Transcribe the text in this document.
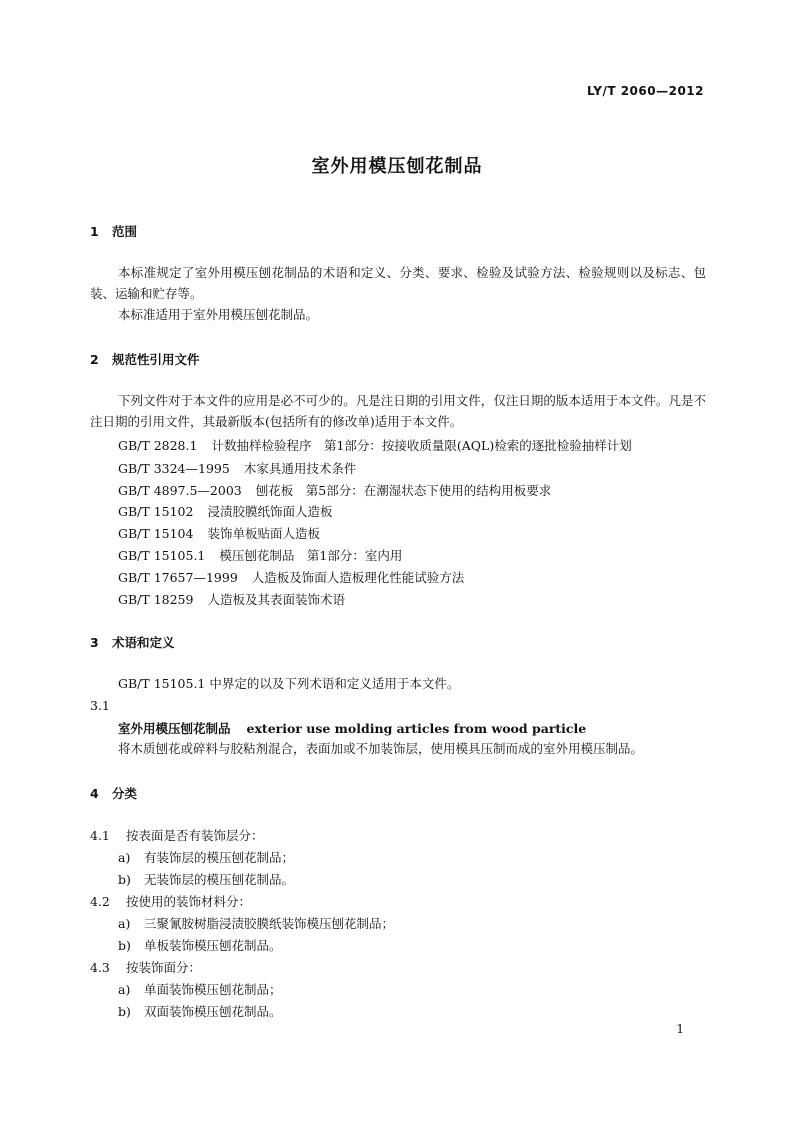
LY/T 2060—2012
室外用模压刨花制品
1 范围
本标准规定了室外用模压刨花制品的术语和定义、分类、要求、检验及试验方法、检验规则以及标志、包装、运输和贮存等。
本标准适用于室外用模压刨花制品。
2 规范性引用文件
下列文件对于本文件的应用是必不可少的。凡是注日期的引用文件，仅注日期的版本适用于本文件。凡是不注日期的引用文件，其最新版本(包括所有的修改单)适用于本文件。
GB/T 2828.1 计数抽样检验程序　第1部分：按接收质量限(AQL)检索的逐批检验抽样计划
GB/T 3324—1995 木家具通用技术条件
GB/T 4897.5—2003 刨花板　第5部分：在潮湿状态下使用的结构用板要求
GB/T 15102 浸渍胶膜纸饰面人造板
GB/T 15104 装饰单板贴面人造板
GB/T 15105.1 模压刨花制品　第1部分：室内用
GB/T 17657—1999 人造板及饰面人造板理化性能试验方法
GB/T 18259 人造板及其表面装饰术语
3 术语和定义
GB/T 15105.1 中界定的以及下列术语和定义适用于本文件。
3.1
室外用模压刨花制品 exterior use molding articles from wood particle
将木质刨花或碎料与胶粘剂混合，表面加或不加装饰层，使用模具压制而成的室外用模压制品。
4 分类
4.1 按表面是否有装饰层分：
a) 有装饰层的模压刨花制品；
b) 无装饰层的模压刨花制品。
4.2 按使用的装饰材料分：
a) 三聚氰胺树脂浸渍胶膜纸装饰模压刨花制品；
b) 单板装饰模压刨花制品。
4.3 按装饰面分：
a) 单面装饰模压刨花制品；
b) 双面装饰模压刨花制品。
1
